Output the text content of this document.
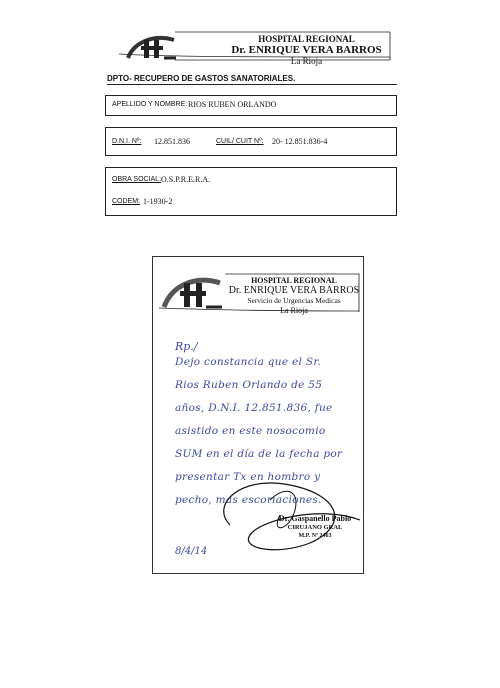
HOSPITAL REGIONAL
Dr. ENRIQUE VERA BARROS
La Rioja
DPTO- RECUPERO DE GASTOS SANATORIALES.
APELLIDO Y NOMBRE: RIOS RUBEN ORLANDO
D.N.I. Nº: 12.851.836	CUIL/ CUIT Nº: 20- 12.851.836-4
OBRA SOCIAL: O.S.P.R.E.R.A.
CODEM: 1-1930-2
HOSPITAL REGIONAL
Dr. ENRIQUE VERA BARROS
Servicio de Urgencias Medicas
La Rioja
Rp./
Dejo constancia que el Sr.
Rios Ruben Orlando de 55
años, D.N.I. 12.851.836, fue
asistido en este nosocomio
SUM en el día de la fecha por
presentar Tx en hombro y
pecho, mas escoriaciones.
Dr. Gaspanello Pablo
CIRUJANO GRAL
M.P. Nº 2463
8/4/14
